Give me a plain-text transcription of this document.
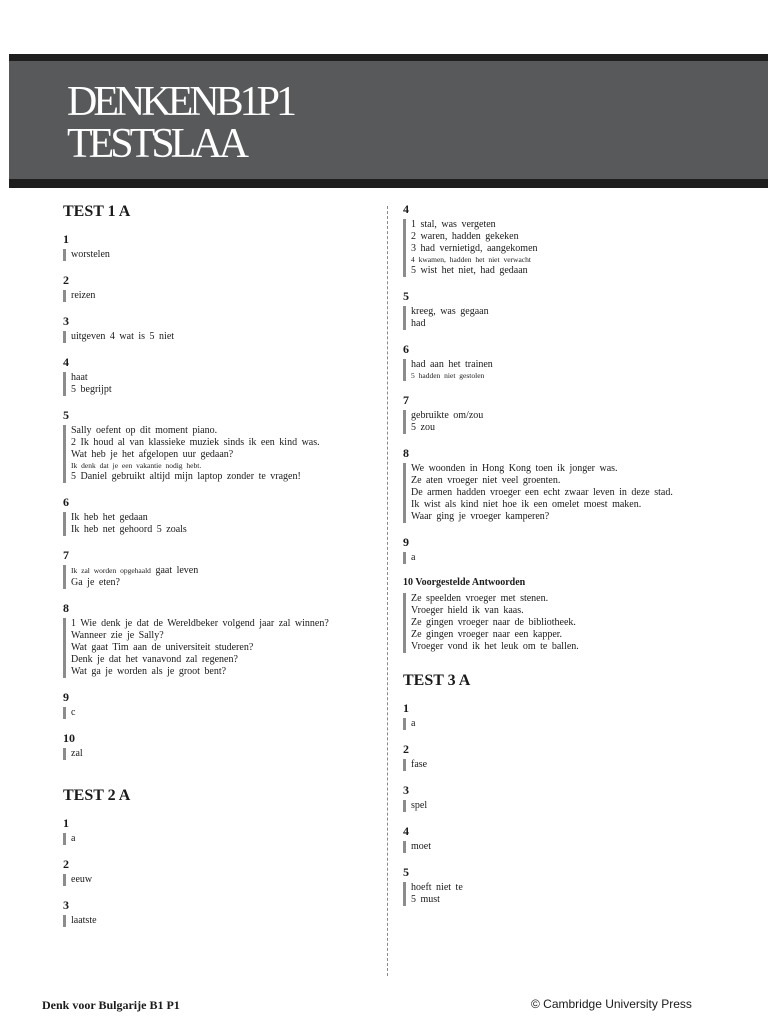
DENKENB1P1
TESTSLAA
TEST 1 A
1
worstelen
2
reizen
3
uitgeven 4 wat is 5 niet
4
haat
5 begrijpt
5
Sally oefent op dit moment piano.
2 Ik houd al van klassieke muziek sinds ik een kind was.
Wat heb je het afgelopen uur gedaan?
Ik denk dat je een vakantie nodig hebt.
5 Daniel gebruikt altijd mijn laptop zonder te vragen!
6
Ik heb het gedaan
Ik heb net gehoord 5 zoals
7
Ik zal worden opgehaald gaat leven
Ga je eten?
8
1 Wie denk je dat de Wereldbeker volgend jaar zal winnen?
Wanneer zie je Sally?
Wat gaat Tim aan de universiteit studeren?
Denk je dat het vanavond zal regenen?
Wat ga je worden als je groot bent?
9
c
10
zal
TEST 2 A
1
a
2
eeuw
3
laatste
4
1 stal, was vergeten
2 waren, hadden gekeken
3 had vernietigd, aangekomen
4 kwamen, hadden het niet verwacht
5 wist het niet, had gedaan
5
kreeg, was gegaan
had
6
had aan het trainen
5 hadden niet gestolen
7
gebruikte om/zou
5 zou
8
We woonden in Hong Kong toen ik jonger was.
Ze aten vroeger niet veel groenten.
De armen hadden vroeger een echt zwaar leven in deze stad.
Ik wist als kind niet hoe ik een omelet moest maken.
Waar ging je vroeger kamperen?
9
a
10 Voorgestelde Antwoorden
Ze speelden vroeger met stenen.
Vroeger hield ik van kaas.
Ze gingen vroeger naar de bibliotheek.
Ze gingen vroeger naar een kapper.
Vroeger vond ik het leuk om te ballen.
TEST 3 A
1
a
2
fase
3
spel
4
moet
5
hoeft niet te
5 must
Denk voor Bulgarije B1 P1	© Cambridge University Press
